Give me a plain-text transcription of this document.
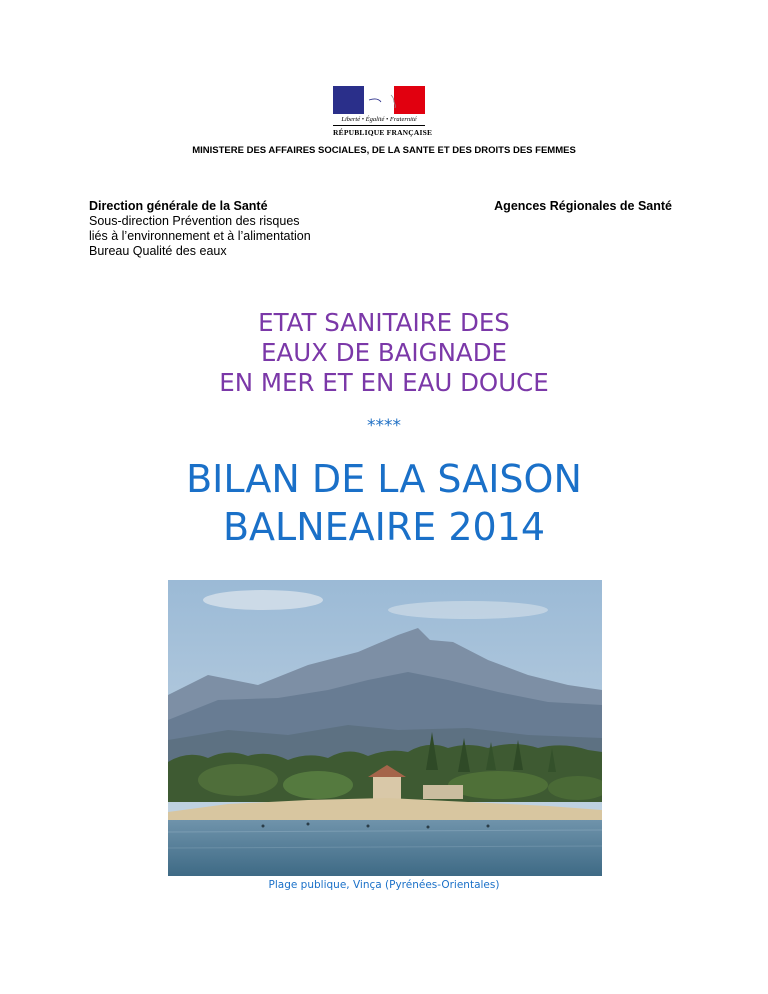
Liberté • Égalité • Fraternité
RÉPUBLIQUE FRANÇAISE
MINISTERE DES AFFAIRES SOCIALES, DE LA SANTE ET DES DROITS DES FEMMES
Direction générale de la Santé
Sous-direction Prévention des risques
liés à l’environnement et à l’alimentation
Bureau Qualité des eaux
Agences Régionales de Santé
ETAT SANITAIRE DES
EAUX DE BAIGNADE
EN MER ET EN EAU DOUCE
****
BILAN DE LA SAISON
BALNEAIRE 2014
Plage publique, Vinça (Pyrénées-Orientales)
